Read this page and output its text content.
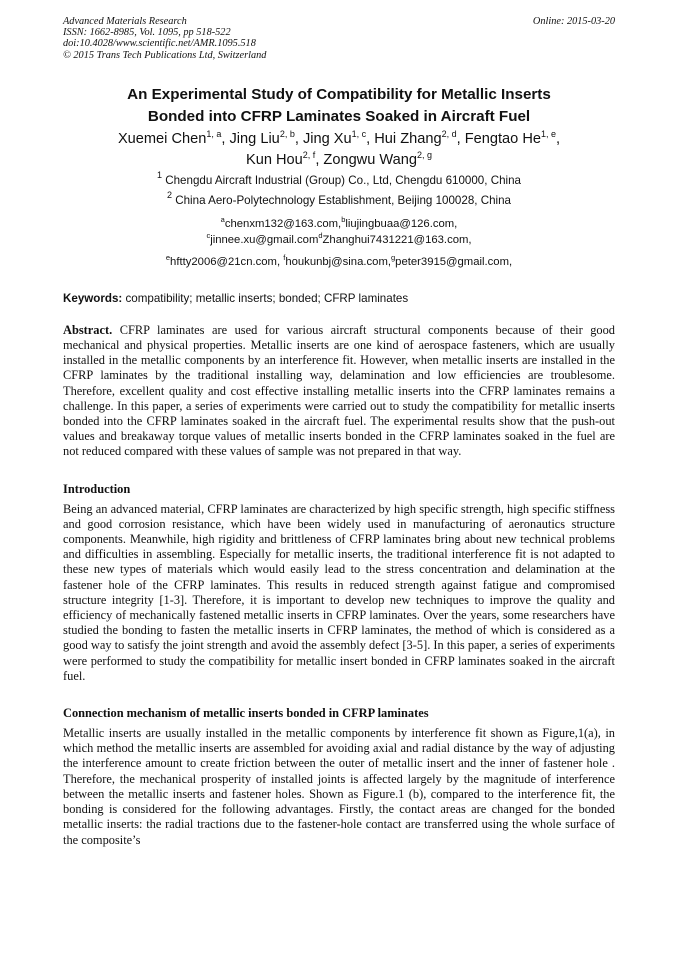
Advanced Materials Research
ISSN: 1662-8985, Vol. 1095, pp 518-522
doi:10.4028/www.scientific.net/AMR.1095.518
© 2015 Trans Tech Publications Ltd, Switzerland
Online: 2015-03-20
An Experimental Study of Compatibility for Metallic Inserts
Bonded into CFRP Laminates Soaked in Aircraft Fuel
Xuemei Chen$^{1, a}$, Jing Liu$^{2, b}$, Jing Xu$^{1, c}$, Hui Zhang$^{2, d}$, Fengtao He$^{1, e}$,
Kun Hou$^{2, f}$, Zongwu Wang$^{2, g}$
$^1$ Chengdu Aircraft Industrial (Group) Co., Ltd, Chengdu 610000, China
$^2$ China Aero-Polytechnology Establishment, Beijing 100028, China
$^a$chenxm132@163.com,$^b$liujingbuaa@126.com,
$^c$jinnee.xu@gmail.com$^d$Zhanghui7431221@163.com,
$^e$hftty2006@21cn.com, $^f$houkunbj@sina.com,$^g$peter3915@gmail.com,
Keywords: compatibility; metallic inserts; bonded; CFRP laminates

Abstract. CFRP laminates are used for various aircraft structural components because of their good mechanical and physical properties. Metallic inserts are one kind of aerospace fasteners, which are usually installed in the metallic components by an interference fit. However, when metallic inserts are installed in the CFRP laminates by the traditional installing way, delamination and low efficiencies are troublesome. Therefore, excellent quality and cost effective installing metallic inserts into the CFRP laminates remains a challenge. In this paper, a series of experiments were carried out to study the compatibility for metallic inserts bonded into the CFRP laminates soaked in the aircraft fuel. The experimental results show that the push-out values and breakaway torque values of metallic inserts bonded in the CFRP laminates soaked in the fuel are not reduced compared with these values of sample was not prepared in that way.

Introduction

Being an advanced material, CFRP laminates are characterized by high specific strength, high specific stiffness and good corrosion resistance, which have been widely used in manufacturing of aeronautics structure components. Meanwhile, high rigidity and brittleness of CFRP laminates bring about new technical problems and difficulties in assembling. Especially for metallic inserts, the traditional interference fit is not adapted to these new types of materials which would easily lead to the stress concentration and delamination at the fastener hole of the CFRP laminates. This results in reduced strength against fatigue and compromised structure integrity [1-3]. Therefore, it is important to develop new techniques to improve the quality and efficiency of mechanically fastened metallic inserts in CFRP laminates. Over the years, some researchers have studied the bonding to fasten the metallic inserts in CFRP laminates, the method of which is considered as a good way to satisfy the joint strength and avoid the assembly defect [3-5]. In this paper, a series of experiments were performed to study the compatibility for metallic insert bonded in CFRP laminates soaked in the aircraft fuel.

Connection mechanism of metallic inserts bonded in CFRP laminates

Metallic inserts are usually installed in the metallic components by interference fit shown as Figure,1(a), in which method the metallic inserts are assembled for avoiding axial and radial distance by the way of adjusting the interference amount to create friction between the outer of metallic insert and the inner of fastener hole . Therefore, the mechanical prosperity of installed joints is affected largely by the magnitude of interference between the metallic inserts and fastener holes. Shown as Figure.1 (b), compared to the interference fit, the bonding is considered for the following advantages. Firstly, the contact areas are changed for the bonded metallic inserts: the radial tractions due to the fastener-hole contact are transferred using the whole surface of the composite’s
